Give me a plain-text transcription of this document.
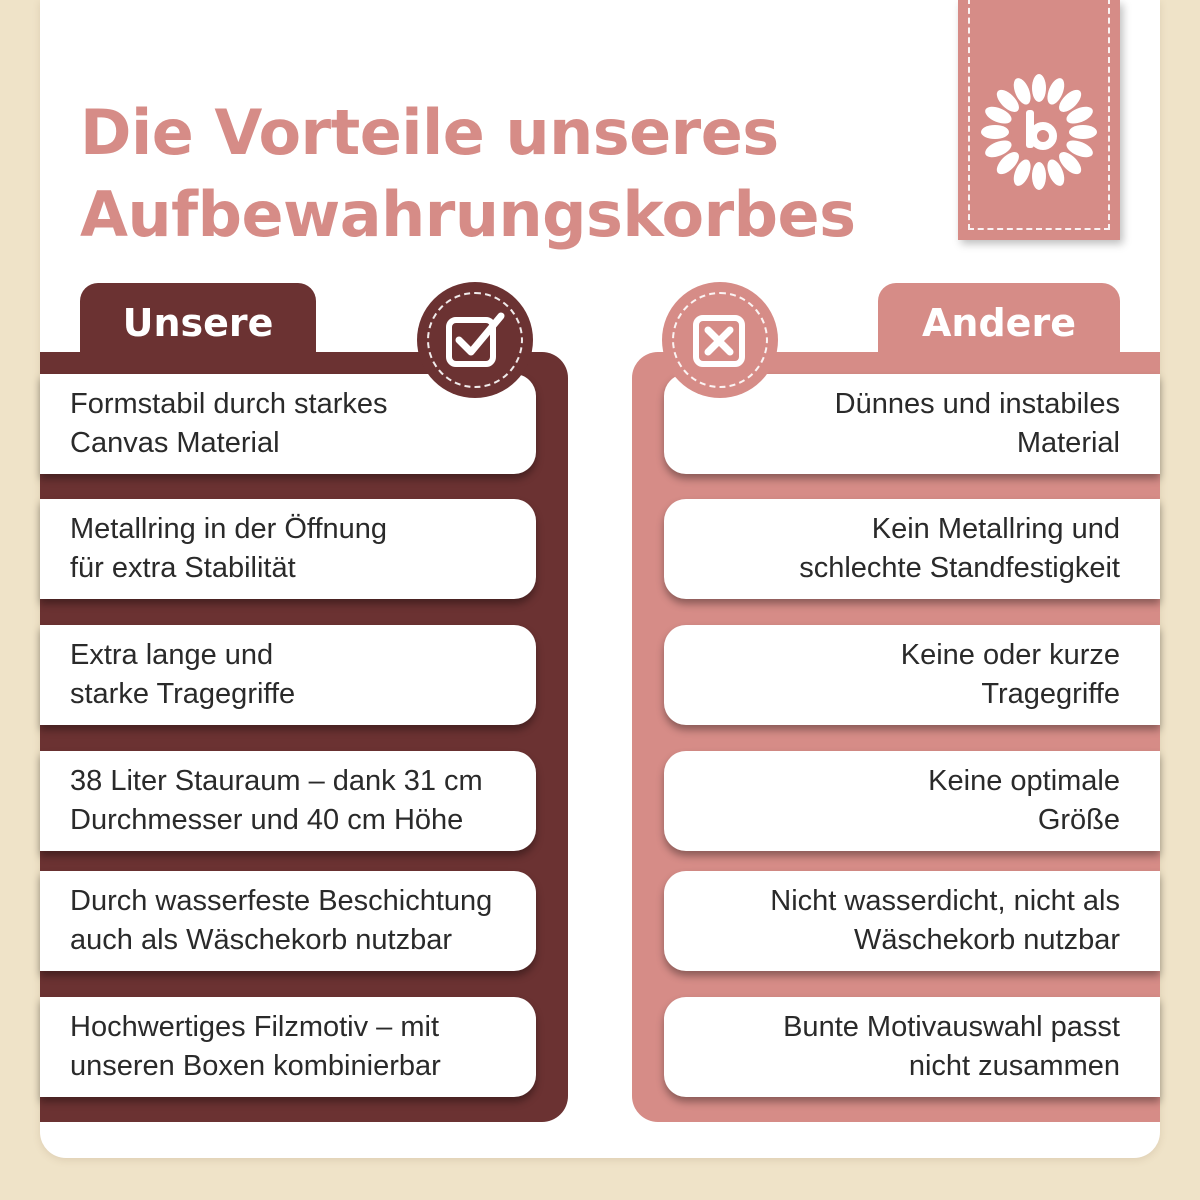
Die Vorteile unseres
Aufbewahrungskorbes
Unsere	Andere
Formstabil durch starkes
Canvas Material
Metallring in der Öffnung
für extra Stabilität
Extra lange und
starke Tragegriffe
38 Liter Stauraum – dank 31 cm
Durchmesser und 40 cm Höhe
Durch wasserfeste Beschichtung
auch als Wäschekorb nutzbar
Hochwertiges Filzmotiv – mit
unseren Boxen kombinierbar
Dünnes und instabiles
Material
Kein Metallring und
schlechte Standfestigkeit
Keine oder kurze
Tragegriffe
Keine optimale
Größe
Nicht wasserdicht, nicht als
Wäschekorb nutzbar
Bunte Motivauswahl passt
nicht zusammen
